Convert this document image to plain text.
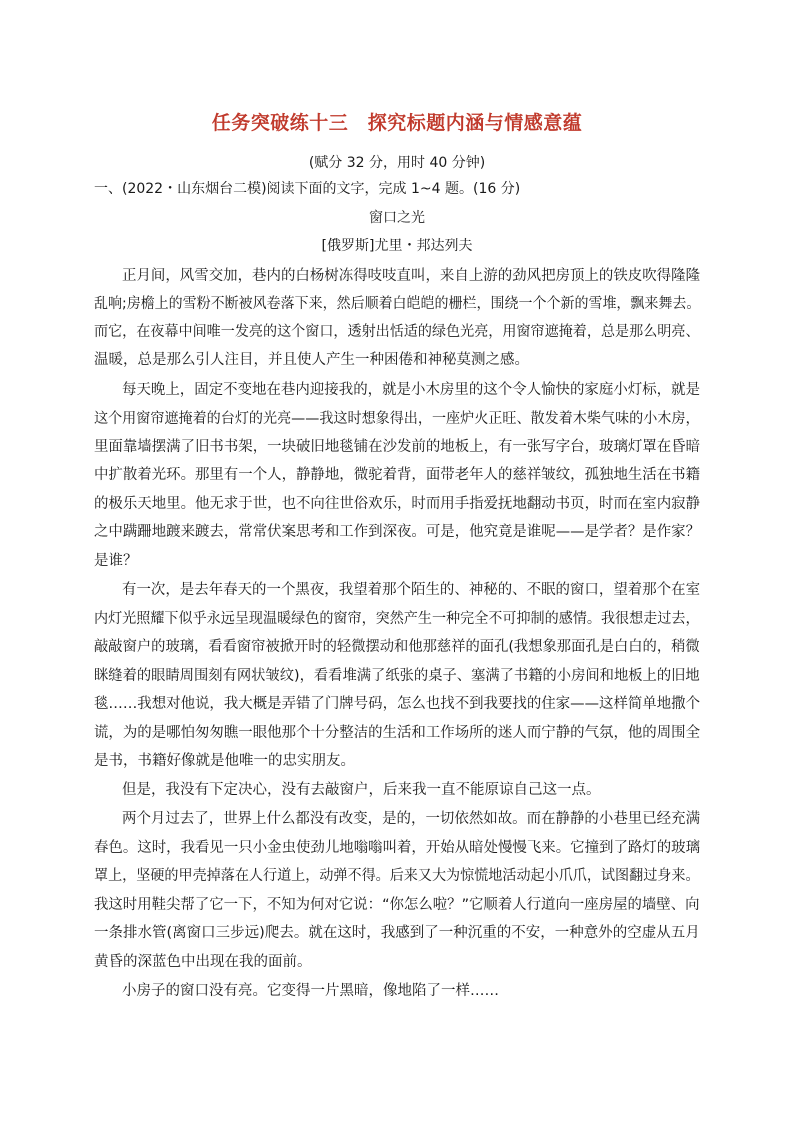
任务突破练十三　探究标题内涵与情感意蕴
(赋分 32 分，用时 40 分钟)
一、(2022・山东烟台二模)阅读下面的文字，完成 1~4 题。(16 分)
窗口之光
[俄罗斯]尤里・邦达列夫
正月间，风雪交加，巷内的白杨树冻得吱吱直叫，来自上游的劲风把房顶上的铁皮吹得隆隆
乱响;房檐上的雪粉不断被风卷落下来，然后顺着白皑皑的栅栏，围绕一个个新的雪堆，飘来舞去。
而它，在夜幕中间唯一发亮的这个窗口，透射出恬适的绿色光亮，用窗帘遮掩着，总是那么明亮、
温暖，总是那么引人注目，并且使人产生一种困倦和神秘莫测之感。
每天晚上，固定不变地在巷内迎接我的，就是小木房里的这个令人愉快的家庭小灯标，就是
这个用窗帘遮掩着的台灯的光亮——我这时想象得出，一座炉火正旺、散发着木柴气味的小木房，
里面靠墙摆满了旧书书架，一块破旧地毯铺在沙发前的地板上，有一张写字台，玻璃灯罩在昏暗
中扩散着光环。那里有一个人，静静地，微驼着背，面带老年人的慈祥皱纹，孤独地生活在书籍
的极乐天地里。他无求于世，也不向往世俗欢乐，时而用手指爱抚地翻动书页，时而在室内寂静
之中蹒跚地踱来踱去，常常伏案思考和工作到深夜。可是，他究竟是谁呢——是学者？是作家？
是谁？
有一次，是去年春天的一个黑夜，我望着那个陌生的、神秘的、不眠的窗口，望着那个在室
内灯光照耀下似乎永远呈现温暖绿色的窗帘，突然产生一种完全不可抑制的感情。我很想走过去，
敲敲窗户的玻璃，看看窗帘被掀开时的轻微摆动和他那慈祥的面孔(我想象那面孔是白白的，稍微
眯缝着的眼睛周围刻有网状皱纹)，看看堆满了纸张的桌子、塞满了书籍的小房间和地板上的旧地
毯……我想对他说，我大概是弄错了门牌号码，怎么也找不到我要找的住家——这样简单地撒个
谎，为的是哪怕匆匆瞧一眼他那个十分整洁的生活和工作场所的迷人而宁静的气氛，他的周围全
是书，书籍好像就是他唯一的忠实朋友。
但是，我没有下定决心，没有去敲窗户，后来我一直不能原谅自己这一点。
两个月过去了，世界上什么都没有改变，是的，一切依然如故。而在静静的小巷里已经充满
春色。这时，我看见一只小金虫使劲儿地嗡嗡叫着，开始从暗处慢慢飞来。它撞到了路灯的玻璃
罩上，坚硬的甲壳掉落在人行道上，动弹不得。后来又大为惊慌地活动起小爪爪，试图翻过身来。
我这时用鞋尖帮了它一下，不知为何对它说：“你怎么啦？”它顺着人行道向一座房屋的墙壁、向
一条排水管(离窗口三步远)爬去。就在这时，我感到了一种沉重的不安，一种意外的空虚从五月
黄昏的深蓝色中出现在我的面前。
小房子的窗口没有亮。它变得一片黑暗，像地陷了一样……
